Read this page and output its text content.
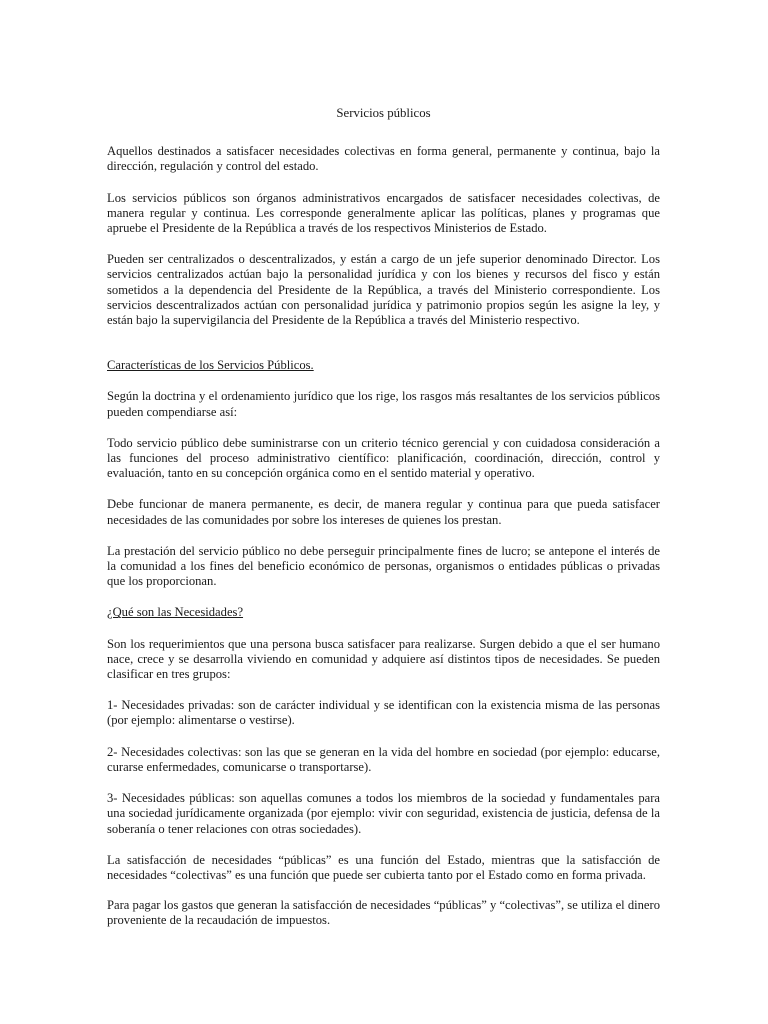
Servicios públicos

Aquellos destinados a satisfacer necesidades colectivas en forma general, permanente y continua, bajo la dirección, regulación y control del estado.

Los servicios públicos son órganos administrativos encargados de satisfacer necesidades colectivas, de manera regular y continua. Les corresponde generalmente aplicar las políticas, planes y programas que apruebe el Presidente de la República a través de los respectivos Ministerios de Estado.

Pueden ser centralizados o descentralizados, y están a cargo de un jefe superior denominado Director. Los servicios centralizados actúan bajo la personalidad jurídica y con los bienes y recursos del fisco y están sometidos a la dependencia del Presidente de la República, a través del Ministerio correspondiente. Los servicios descentralizados actúan con personalidad jurídica y patrimonio propios según les asigne la ley, y están bajo la supervigilancia del Presidente de la República a través del Ministerio respectivo.

Características de los Servicios Públicos.

Según la doctrina y el ordenamiento jurídico que los rige, los rasgos más resaltantes de los servicios públicos pueden compendiarse así:

Todo servicio público debe suministrarse con un criterio técnico gerencial y con cuidadosa consideración a las funciones del proceso administrativo científico: planificación, coordinación, dirección, control y evaluación, tanto en su concepción orgánica como en el sentido material y operativo.

Debe funcionar de manera permanente, es decir, de manera regular y continua para que pueda satisfacer necesidades de las comunidades por sobre los intereses de quienes los prestan.

La prestación del servicio público no debe perseguir principalmente fines de lucro; se antepone el interés de la comunidad a los fines del beneficio económico de personas, organismos o entidades públicas o privadas que los proporcionan.

¿Qué son las Necesidades?

Son los requerimientos que una persona busca satisfacer para realizarse. Surgen debido a que el ser humano nace, crece y se desarrolla viviendo en comunidad y adquiere así distintos tipos de necesidades. Se pueden clasificar en tres grupos:

1- Necesidades privadas: son de carácter individual y se identifican con la existencia misma de las personas (por ejemplo: alimentarse o vestirse).

2- Necesidades colectivas: son las que se generan en la vida del hombre en sociedad (por ejemplo: educarse, curarse enfermedades, comunicarse o transportarse).

3- Necesidades públicas: son aquellas comunes a todos los miembros de la sociedad y fundamentales para una sociedad jurídicamente organizada (por ejemplo: vivir con seguridad, existencia de justicia, defensa de la soberanía o tener relaciones con otras sociedades).

La satisfacción de necesidades “públicas” es una función del Estado, mientras que la satisfacción de necesidades “colectivas” es una función que puede ser cubierta tanto por el Estado como en forma privada.

Para pagar los gastos que generan la satisfacción de necesidades “públicas” y “colectivas”, se utiliza el dinero proveniente de la recaudación de impuestos.
